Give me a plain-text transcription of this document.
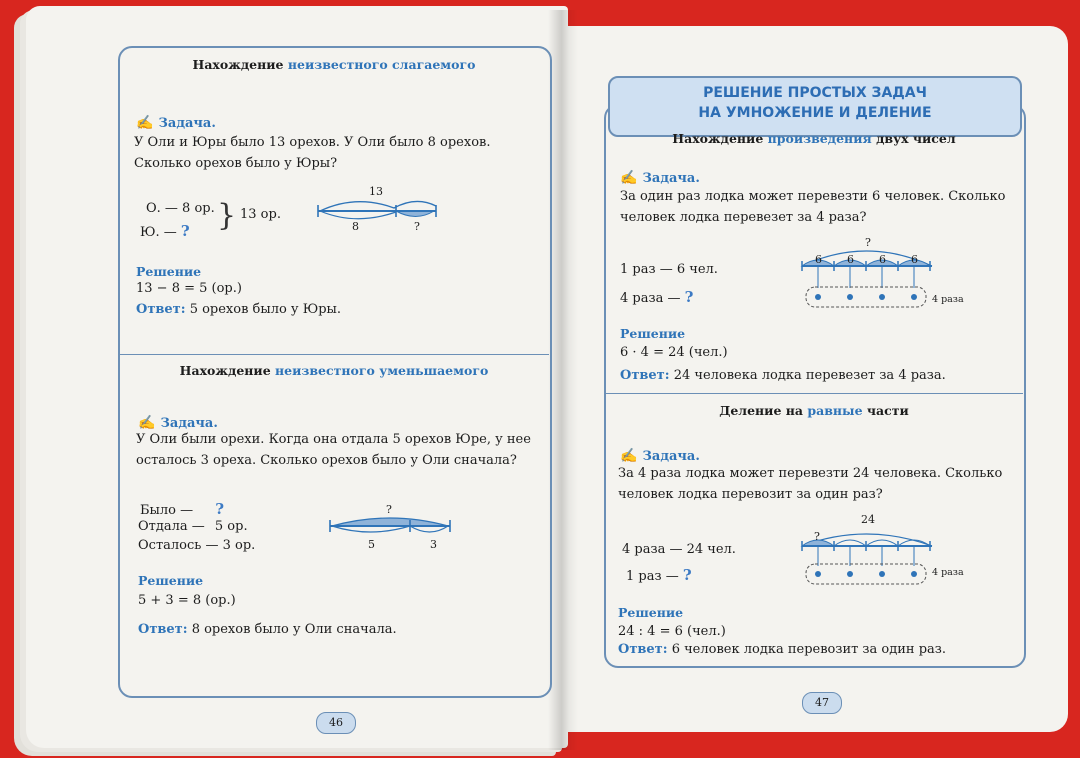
Нахождение неизвестного слагаемого
✍ Задача.
У Оли и Юры было 13 орехов. У Оли было 8 орехов. Сколько орехов было у Юры?
О. — 8 ор.
Ю. — ? } 13 ор.
13
8	?
Решение
13 − 8 = 5 (ор.)
Ответ: 5 орехов было у Юры.
Нахождение неизвестного уменьшаемого
✍ Задача.
У Оли были орехи. Когда она отдала 5 орехов Юре, у нее осталось 3 ореха. Сколько орехов было у Оли сначала?
Было — ?
Отдала — 5 ор.
Осталось — 3 ор.
?
5	3
Решение
5 + 3 = 8 (ор.)
Ответ: 8 орехов было у Оли сначала.
46
РЕШЕНИЕ ПРОСТЫХ ЗАДАЧ
НА УМНОЖЕНИЕ И ДЕЛЕНИЕ
Нахождение произведения двух чисел
✍ Задача.
За один раз лодка может перевезти 6 человек. Сколько человек лодка перевезет за 4 раза?
1 раз — 6 чел.
4 раза — ?
?
6 6 6 6
4 раза
Решение
6 · 4 = 24 (чел.)
Ответ: 24 человека лодка перевезет за 4 раза.
Деление на равные части
✍ Задача.
За 4 раза лодка может перевезти 24 человека. Сколько человек лодка перевозит за один раз?
4 раза — 24 чел.
1 раз — ?
24
?
4 раза
Решение
24 : 4 = 6 (чел.)
Ответ: 6 человек лодка перевозит за один раз.
47
